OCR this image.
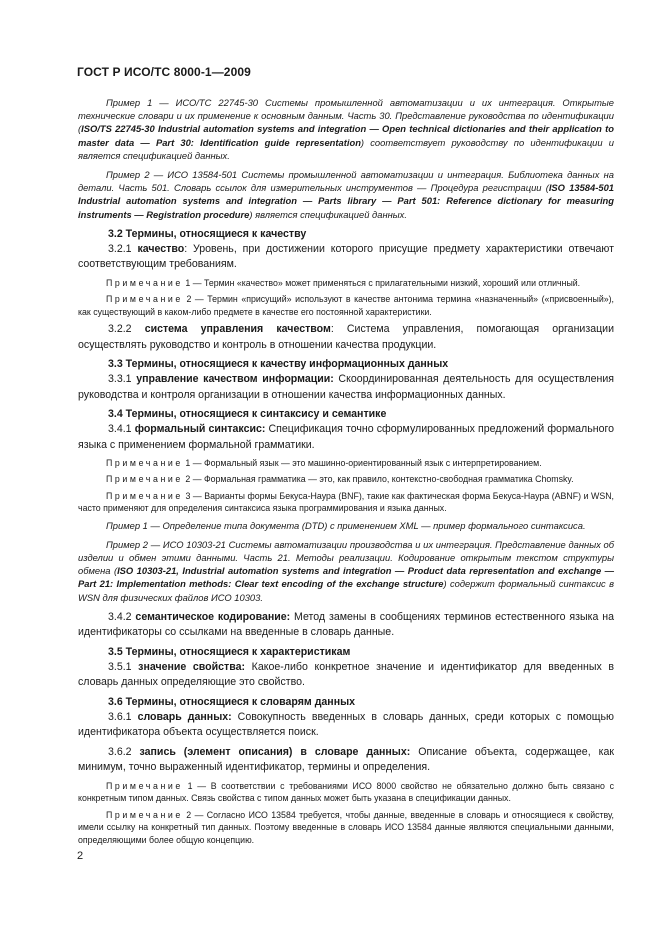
ГОСТ Р ИСО/ТС 8000-1—2009

Пример 1 — ИСО/ТС 22745-30 Системы промышленной автоматизации и их интеграция. Открытые технические словари и их применение к основным данным. Часть 30. Представление руководства по идентификации (ISO/TS 22745-30 Industrial automation systems and integration — Open technical dictionaries and their application to master data — Part 30: Identification guide representation) соответствует руководству по идентификации и является спецификацией данных.

Пример 2 — ИСО 13584-501 Системы промышленной автоматизации и интеграция. Библиотека данных на детали. Часть 501. Словарь ссылок для измерительных инструментов — Процедура регистрации (ISO 13584-501 Industrial automation systems and integration — Parts library — Part 501: Reference dictionary for measuring instruments — Registration procedure) является спецификацией данных.

3.2 Термины, относящиеся к качеству

3.2.1 качество: Уровень, при достижении которого присущие предмету характеристики отвечают соответствующим требованиям.

Примечание 1 — Термин «качество» может применяться с прилагательными низкий, хороший или отличный.

Примечание 2 — Термин «присущий» используют в качестве антонима термина «назначенный» («присвоенный»), как существующий в каком-либо предмете в качестве его постоянной характеристики.

3.2.2 система управления качеством: Система управления, помогающая организации осуществлять руководство и контроль в отношении качества продукции.

3.3 Термины, относящиеся к качеству информационных данных

3.3.1 управление качеством информации: Скоординированная деятельность для осуществления руководства и контроля организации в отношении качества информационных данных.

3.4 Термины, относящиеся к синтаксису и семантике

3.4.1 формальный синтаксис: Спецификация точно сформулированных предложений формального языка с применением формальной грамматики.

Примечание 1 — Формальный язык — это машинно-ориентированный язык с интерпретированием.

Примечание 2 — Формальная грамматика — это, как правило, контекстно-свободная грамматика Chomsky.

Примечание 3 — Варианты формы Бекуса-Наура (BNF), такие как фактическая форма Бекуса-Наура (ABNF) и WSN, часто применяют для определения синтаксиса языка программирования и языка данных.

Пример 1 — Определение типа документа (DTD) с применением XML — пример формального синтаксиса.

Пример 2 — ИСО 10303-21 Системы автоматизации производства и их интеграция. Представление данных об изделии и обмен этими данными. Часть 21. Методы реализации. Кодирование открытым текстом структуры обмена (ISO 10303-21, Industrial automation systems and integration — Product data representation and exchange — Part 21: Implementation methods: Clear text encoding of the exchange structure) содержит формальный синтаксис в WSN для физических файлов ИСО 10303.

3.4.2 семантическое кодирование: Метод замены в сообщениях терминов естественного языка на идентификаторы со ссылками на введенные в словарь данные.

3.5 Термины, относящиеся к характеристикам

3.5.1 значение свойства: Какое-либо конкретное значение и идентификатор для введенных в словарь данных определяющие это свойство.

3.6 Термины, относящиеся к словарям данных

3.6.1 словарь данных: Совокупность введенных в словарь данных, среди которых с помощью идентификатора объекта осуществляется поиск.

3.6.2 запись (элемент описания) в словаре данных: Описание объекта, содержащее, как минимум, точно выраженный идентификатор, термины и определения.

Примечание 1 — В соответствии с требованиями ИСО 8000 свойство не обязательно должно быть связано с конкретным типом данных. Связь свойства с типом данных может быть указана в спецификации данных.

Примечание 2 — Согласно ИСО 13584 требуется, чтобы данные, введенные в словарь и относящиеся к свойству, имели ссылку на конкретный тип данных. Поэтому введенные в словарь ИСО 13584 данные являются специальными данными, определяющими более общую концепцию.

2
